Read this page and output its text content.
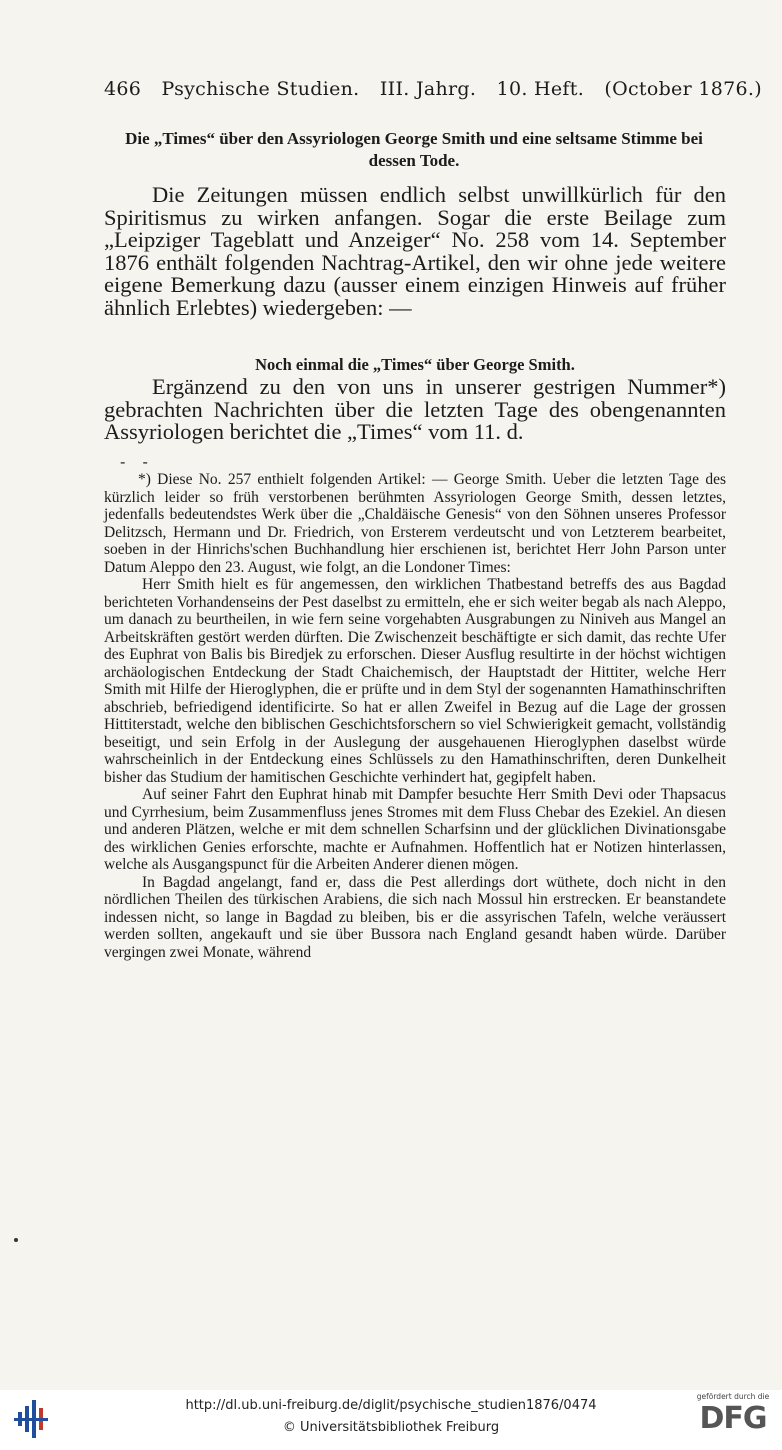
466 Psychische Studien. III. Jahrg. 10. Heft. (October 1876.)
Die „Times“ über den Assyriologen George Smith und eine seltsame Stimme bei dessen Tode.
Die Zeitungen müssen endlich selbst unwillkürlich für den Spiritismus zu wirken anfangen. Sogar die erste Beilage zum „Leipziger Tageblatt und Anzeiger“ No. 258 vom 14. September 1876 enthält folgenden Nachtrag-Artikel, den wir ohne jede weitere eigene Bemerkung dazu (ausser einem einzigen Hinweis auf früher ähnlich Erlebtes) wiedergeben: —
Noch einmal die „Times“ über George Smith.
Ergänzend zu den von uns in unserer gestrigen Nummer*) gebrachten Nachrichten über die letzten Tage des obengenannten Assyriologen berichtet die „Times“ vom 11. d.
- -

*) Diese No. 257 enthielt folgenden Artikel: — George Smith. Ueber die letzten Tage des kürzlich leider so früh verstorbenen berühmten Assyriologen George Smith, dessen letztes, jedenfalls bedeutendstes Werk über die „Chaldäische Genesis“ von den Söhnen unseres Professor Delitzsch, Hermann und Dr. Friedrich, von Ersterem verdeutscht und von Letzterem bearbeitet, soeben in der Hinrichs'schen Buchhandlung hier erschienen ist, berichtet Herr John Parson unter Datum Aleppo den 23. August, wie folgt, an die Londoner Times:

Herr Smith hielt es für angemessen, den wirklichen Thatbestand betreffs des aus Bagdad berichteten Vorhandenseins der Pest daselbst zu ermitteln, ehe er sich weiter begab als nach Aleppo, um danach zu beurtheilen, in wie fern seine vorgehabten Ausgrabungen zu Niniveh aus Mangel an Arbeitskräften gestört werden dürften. Die Zwischenzeit beschäftigte er sich damit, das rechte Ufer des Euphrat von Balis bis Biredjek zu erforschen. Dieser Ausflug resultirte in der höchst wichtigen archäologischen Entdeckung der Stadt Chaichemisch, der Hauptstadt der Hittiter, welche Herr Smith mit Hilfe der Hieroglyphen, die er prüfte und in dem Styl der sogenannten Hamathinschriften abschrieb, befriedigend identificirte. So hat er allen Zweifel in Bezug auf die Lage der grossen Hittiterstadt, welche den biblischen Geschichtsforschern so viel Schwierigkeit gemacht, vollständig beseitigt, und sein Erfolg in der Auslegung der ausgehauenen Hieroglyphen daselbst würde wahrscheinlich in der Entdeckung eines Schlüssels zu den Hamathinschriften, deren Dunkelheit bisher das Studium der hamitischen Geschichte verhindert hat, gegipfelt haben.

Auf seiner Fahrt den Euphrat hinab mit Dampfer besuchte Herr Smith Devi oder Thapsacus und Cyrrhesium, beim Zusammenfluss jenes Stromes mit dem Fluss Chebar des Ezekiel. An diesen und anderen Plätzen, welche er mit dem schnellen Scharfsinn und der glücklichen Divinationsgabe des wirklichen Genies erforschte, machte er Aufnahmen. Hoffentlich hat er Notizen hinterlassen, welche als Ausgangspunct für die Arbeiten Anderer dienen mögen.

In Bagdad angelangt, fand er, dass die Pest allerdings dort wüthete, doch nicht in den nördlichen Theilen des türkischen Arabiens, die sich nach Mossul hin erstrecken. Er beanstandete indessen nicht, so lange in Bagdad zu bleiben, bis er die assyrischen Tafeln, welche veräussert werden sollten, angekauft und sie über Bussora nach England gesandt haben würde. Darüber vergingen zwei Monate, während

http://dl.ub.uni-freiburg.de/diglit/psychische_studien1876/0474
© Universitätsbibliothek Freiburg
gefördert durch die
DFG
